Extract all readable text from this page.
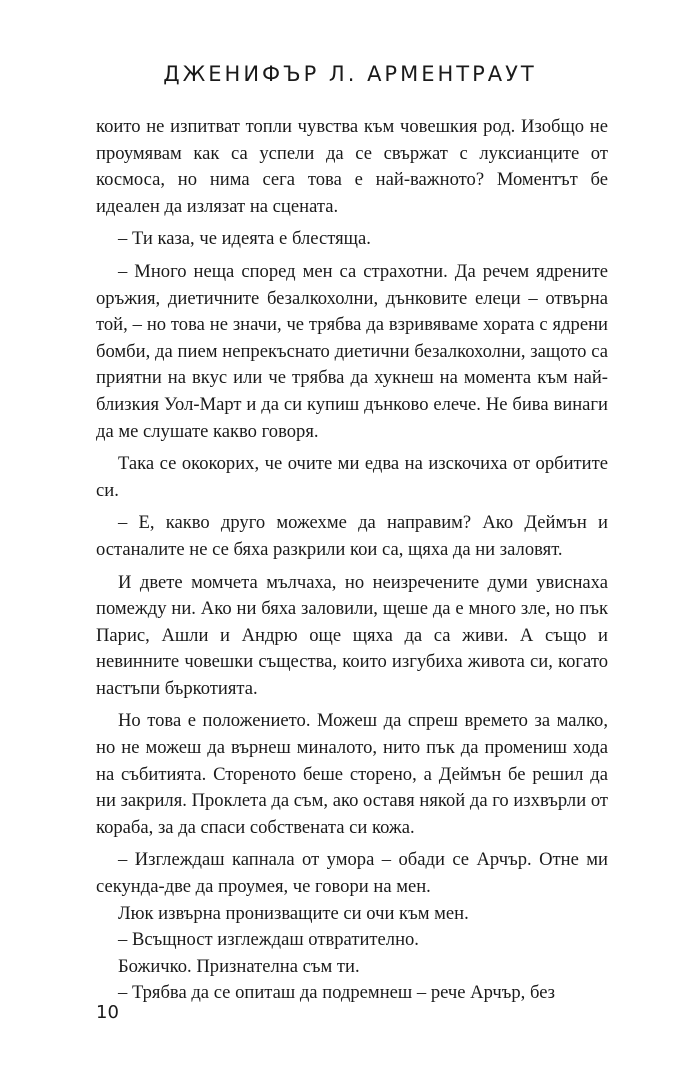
ДЖЕНИФЪР Л. АРМЕНТРАУТ

които не изпитват топли чувства към човешкия род. Изобщо не проумявам как са успели да се свържат с луксианците от космоса, но нима сега това е най-важното? Моментът бе идеален да излязат на сцената.

– Ти каза, че идеята е блестяща.

– Много неща според мен са страхотни. Да речем ядрените оръжия, диетичните безалкохолни, дънковите елеци – отвърна той, – но това не значи, че трябва да взривяваме хората с ядрени бомби, да пием непрекъснато диетични безалкохолни, защото са приятни на вкус или че трябва да хукнеш на момента към най-близкия Уол-Март и да си купиш дънково елече. Не бива винаги да ме слушате какво говоря.

Така се ококорих, че очите ми едва на изскочиха от орбитите си.

– Е, какво друго можехме да направим? Ако Деймън и останалите не се бяха разкрили кои са, щяха да ни заловят.

И двете момчета мълчаха, но неизречените думи увиснаха помежду ни. Ако ни бяха заловили, щеше да е много зле, но пък Парис, Ашли и Андрю още щяха да са живи. А също и невинните човешки същества, които изгубиха живота си, когато настъпи бъркотията.

Но това е положението. Можеш да спреш времето за малко, но не можеш да върнеш миналото, нито пък да промениш хода на събитията. Стореното беше сторено, а Деймън бе решил да ни закриля. Проклета да съм, ако оставя някой да го изхвърли от кораба, за да спаси собствената си кожа.

– Изглеждаш капнала от умора – обади се Арчър. Отне ми секунда-две да проумея, че говори на мен.

Люк извърна пронизващите си очи към мен.

– Всъщност изглеждаш отвратително.

Божичко. Признателна съм ти.

– Трябва да се опиташ да подремнеш – рече Арчър, без

10
